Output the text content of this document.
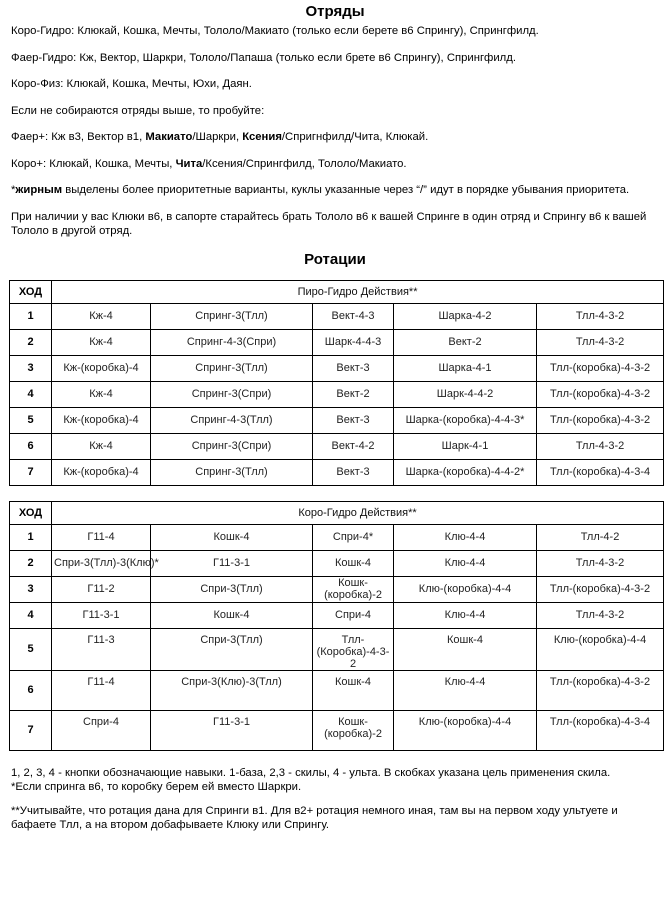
Отряды

Коро-Гидро: Клюкай, Кошка, Мечты, Тололо/Макиато (только если берете в6 Спрингу), Спрингфилд.

Фаер-Гидро: Кж, Вектор, Шаркри, Тололо/Папаша (только если брете в6 Спрингу), Спрингфилд.

Коро-Физ: Клюкай, Кошка, Мечты, Юхи, Даян.

Если не собираются отряды выше, то пробуйте:

Фаер+: Кж в3, Вектор в1, Макиато/Шаркри, Ксения/Спригнфилд/Чита, Клюкай.

Коро+: Клюкай, Кошка, Мечты, Чита/Ксения/Спрингфилд, Тололо/Макиато.

*жирным выделены более приоритетные варианты, куклы указанные через “/” идут в порядке убывания приоритета.

При наличии у вас Клюки в6, в сапорте старайтесь брать Тололо в6 к вашей Спринге в один отряд и Спрингу в6 к вашей Тололо в другой отряд.

Ротации
ХОД	Пиро-Гидро Действия**				
1	Кж-4	Спринг-3(Тлл)	Вект-4-3	Шарка-4-2	Тлл-4-3-2
2	Кж-4	Спринг-4-3(Спри)	Шарк-4-4-3	Вект-2	Тлл-4-3-2
3	Кж-(коробка)-4	Спринг-3(Тлл)	Вект-3	Шарка-4-1	Тлл-(коробка)-4-3-2
4	Кж-4	Спринг-3(Спри)	Вект-2	Шарк-4-4-2	Тлл-(коробка)-4-3-2
5	Кж-(коробка)-4	Спринг-4-3(Тлл)	Вект-3	Шарка-(коробка)-4-4-3*	Тлл-(коробка)-4-3-2
6	Кж-4	Спринг-3(Спри)	Вект-4-2	Шарк-4-1	Тлл-4-3-2
7	Кж-(коробка)-4	Спринг-3(Тлл)	Вект-3	Шарка-(коробка)-4-4-2*	Тлл-(коробка)-4-3-4
ХОД	Коро-Гидро Действия**				
1	Г11-4	Кошк-4	Спри-4*	Клю-4-4	Тлл-4-2
2	Спри-3(Тлл)-3(Клю)*	Г11-3-1	Кошк-4	Клю-4-4	Тлл-4-3-2
3	Г11-2	Спри-3(Тлл)	Кошк-(коробка)-2	Клю-(коробка)-4-4	Тлл-(коробка)-4-3-2
4	Г11-3-1	Кошк-4	Спри-4	Клю-4-4	Тлл-4-3-2
5	Г11-3	Спри-3(Тлл)	Тлл-(Коробка)-4-3-2	Кошк-4	Клю-(коробка)-4-4
6	Г11-4	Спри-3(Клю)-3(Тлл)	Кошк-4	Клю-4-4	Тлл-(коробка)-4-3-2
7	Спри-4	Г11-3-1	Кошк-(коробка)-2	Клю-(коробка)-4-4	Тлл-(коробка)-4-3-4

1, 2, 3, 4 - кнопки обозначающие навыки. 1-база, 2,3 - скилы, 4 - ульта. В скобках указана цель применения скила.
*Если спринга в6, то коробку берем ей вместо Шаркри.

**Учитывайте, что ротация дана для Спринги в1. Для в2+ ротация немного иная, там вы на первом ходу ультуете и бафаете Тлл, а на втором добафываете Клюку или Спрингу.
